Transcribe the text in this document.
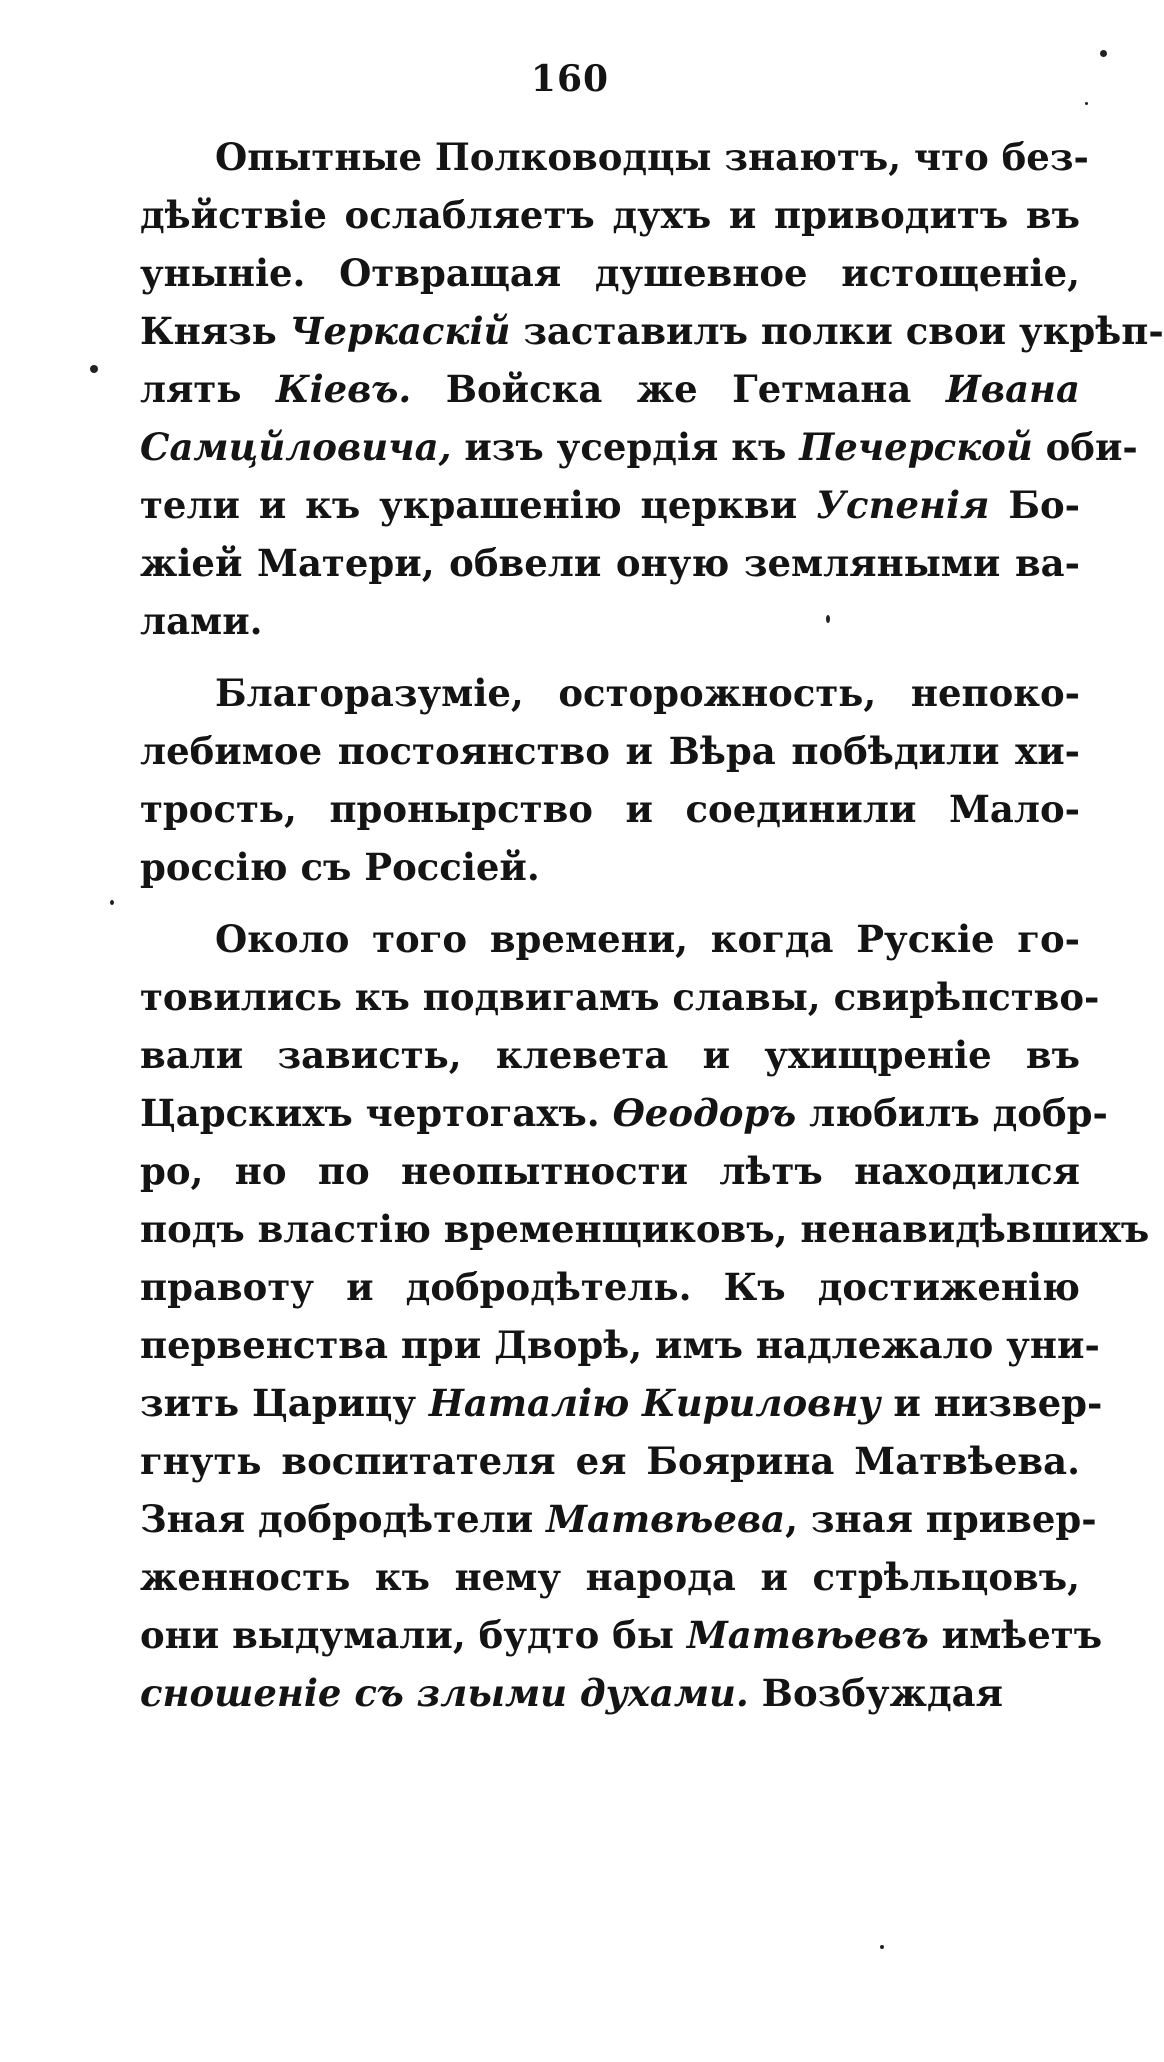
160
Опытные Полководцы знаютъ, что без-
дѣйствіе ослабляетъ духъ и приводитъ въ
уныніе. Отвращая душевное истощеніе,
Князь Черкаскій заставилъ полки свои укрѣп-
лять Кіевъ. Войска же Гетмана Ивана
Самцйловича, изъ усердія къ Печерской оби-
тели и къ украшенію церкви Успенія Бо-
жіей Матери, обвели оную земляными ва-
лами.
Благоразуміе, осторожность, непоко-
лебимое постоянство и Вѣра побѣдили хи-
трость, пронырство и соединили Мало-
россію съ Россіей.
Около того времени, когда Рускіе го-
товились къ подвигамъ славы, свирѣпство-
вали зависть, клевета и ухищреніе въ
Царскихъ чертогахъ. Ѳеодоръ любилъ добр-
ро, но по неопытности лѣтъ находился
подъ властію временщиковъ, ненавидѣвшихъ
правоту и добродѣтель. Къ достиженію
первенства при Дворѣ, имъ надлежало уни-
зить Царицу Наталію Кириловну и низвер-
гнуть воспитателя ея Боярина Матвѣева.
Зная добродѣтели Матвѣева, зная привер-
женность къ нему народа и стрѣльцовъ,
они выдумали, будто бы Матвѣевъ имѣетъ
сношеніе съ злыми духами. Возбуждая
